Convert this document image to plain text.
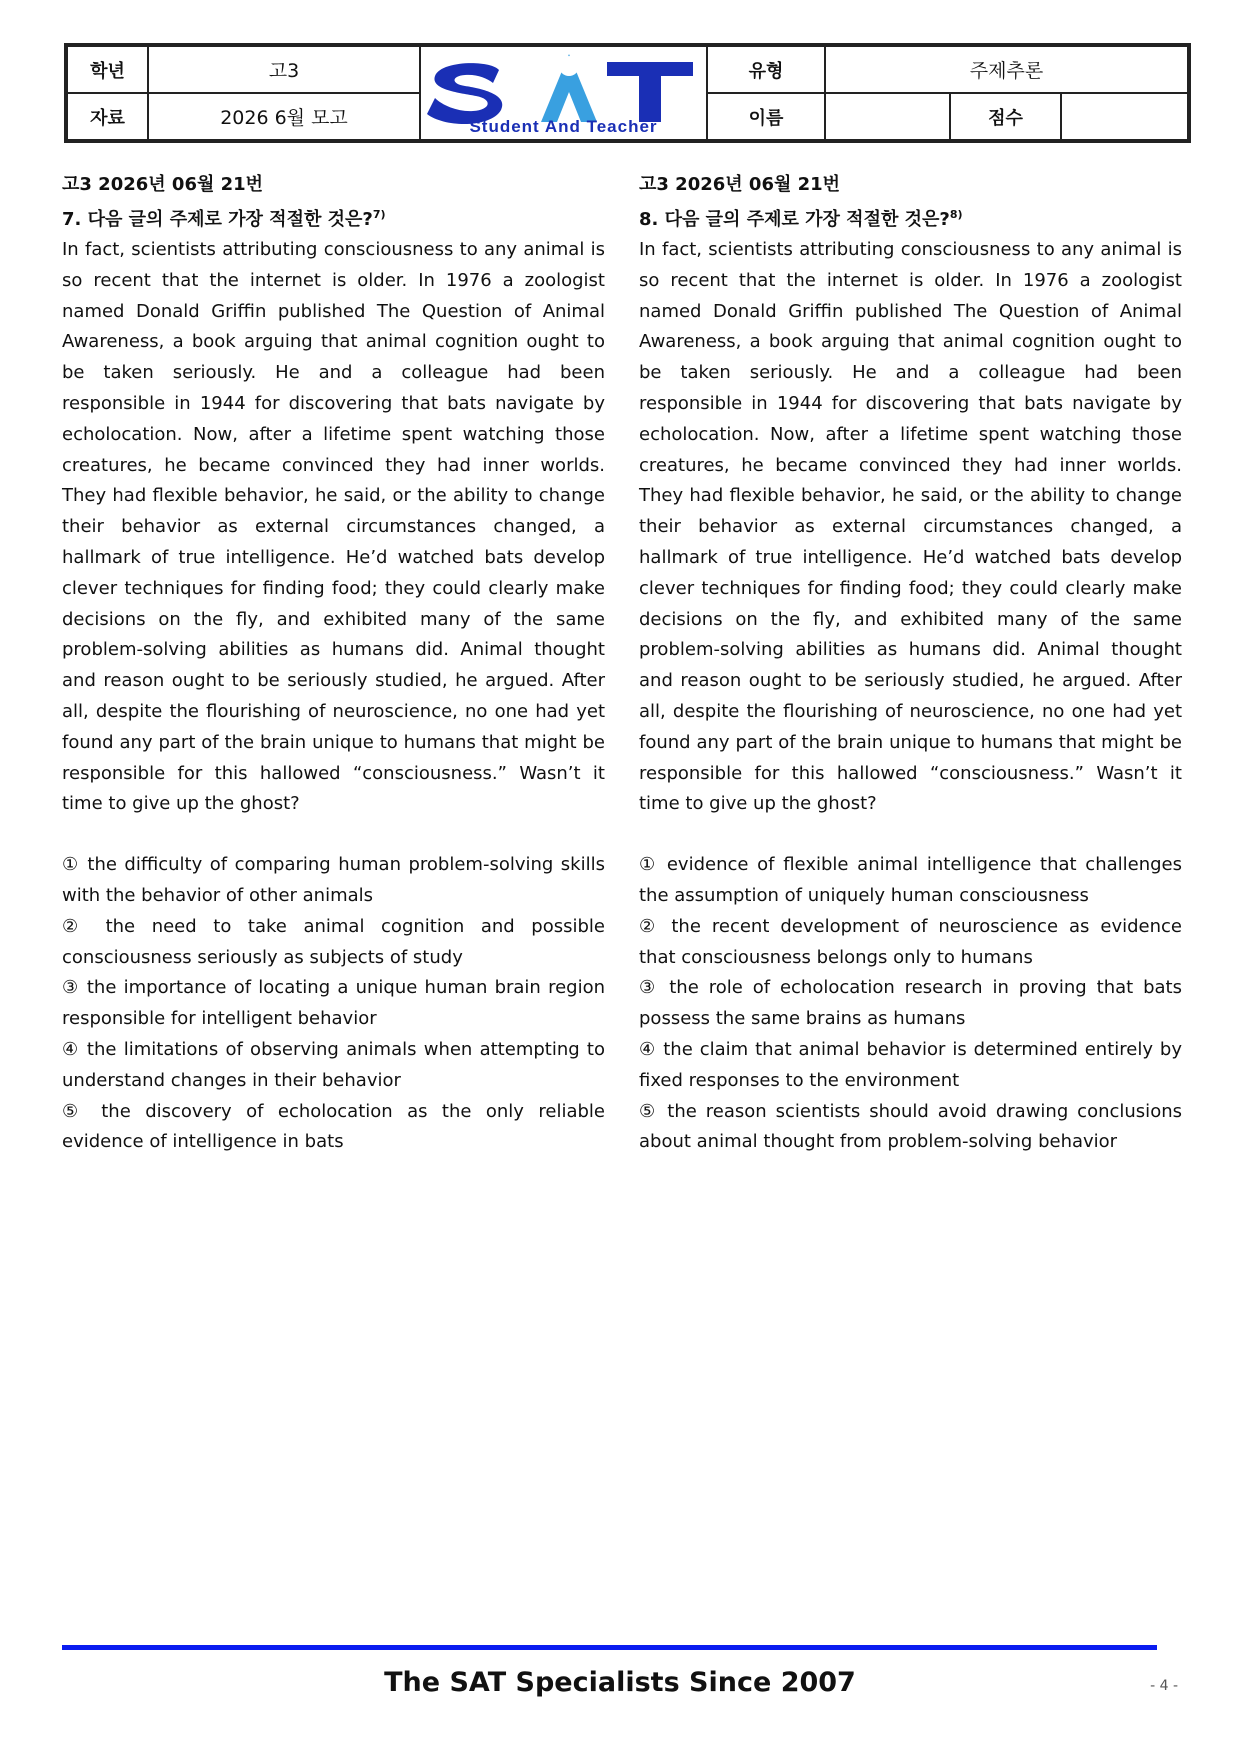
학년	고3	Student And Teacher	유형	주제추론		
자료	2026 6월 모고		이름		점수	
고3 2026년 06월 21번
7. 다음 글의 주제로 가장 적절한 것은?$^{7)}$

In fact, scientists attributing consciousness to any animal is so recent that the internet is older. In 1976 a zoologist named Donald Griffin published The Question of Animal Awareness, a book arguing that animal cognition ought to be taken seriously. He and a colleague had been responsible in 1944 for discovering that bats navigate by echolocation. Now, after a lifetime spent watching those creatures, he became convinced they had inner worlds. They had flexible behavior, he said, or the ability to change their behavior as external circumstances changed, a hallmark of true intelligence. He’d watched bats develop clever techniques for finding food; they could clearly make decisions on the fly, and exhibited many of the same problem-solving abilities as humans did. Animal thought and reason ought to be seriously studied, he argued. After all, despite the flourishing of neuroscience, no one had yet found any part of the brain unique to humans that might be responsible for this hallowed “consciousness.” Wasn’t it time to give up the ghost?

① the difficulty of comparing human problem-solving skills with the behavior of other animals

② the need to take animal cognition and possible consciousness seriously as subjects of study

③ the importance of locating a unique human brain region responsible for intelligent behavior

④ the limitations of observing animals when attempting to understand changes in their behavior

⑤ the discovery of echolocation as the only reliable evidence of intelligence in bats

고3 2026년 06월 21번
8. 다음 글의 주제로 가장 적절한 것은?$^{8)}$

In fact, scientists attributing consciousness to any animal is so recent that the internet is older. In 1976 a zoologist named Donald Griffin published The Question of Animal Awareness, a book arguing that animal cognition ought to be taken seriously. He and a colleague had been responsible in 1944 for discovering that bats navigate by echolocation. Now, after a lifetime spent watching those creatures, he became convinced they had inner worlds. They had flexible behavior, he said, or the ability to change their behavior as external circumstances changed, a hallmark of true intelligence. He’d watched bats develop clever techniques for finding food; they could clearly make decisions on the fly, and exhibited many of the same problem-solving abilities as humans did. Animal thought and reason ought to be seriously studied, he argued. After all, despite the flourishing of neuroscience, no one had yet found any part of the brain unique to humans that might be responsible for this hallowed “consciousness.” Wasn’t it time to give up the ghost?

① evidence of flexible animal intelligence that challenges the assumption of uniquely human consciousness

② the recent development of neuroscience as evidence that consciousness belongs only to humans

③ the role of echolocation research in proving that bats possess the same brains as humans

④ the claim that animal behavior is determined entirely by fixed responses to the environment

⑤ the reason scientists should avoid drawing conclusions about animal thought from problem-solving behavior

The SAT Specialists Since 2007	- 4 -
